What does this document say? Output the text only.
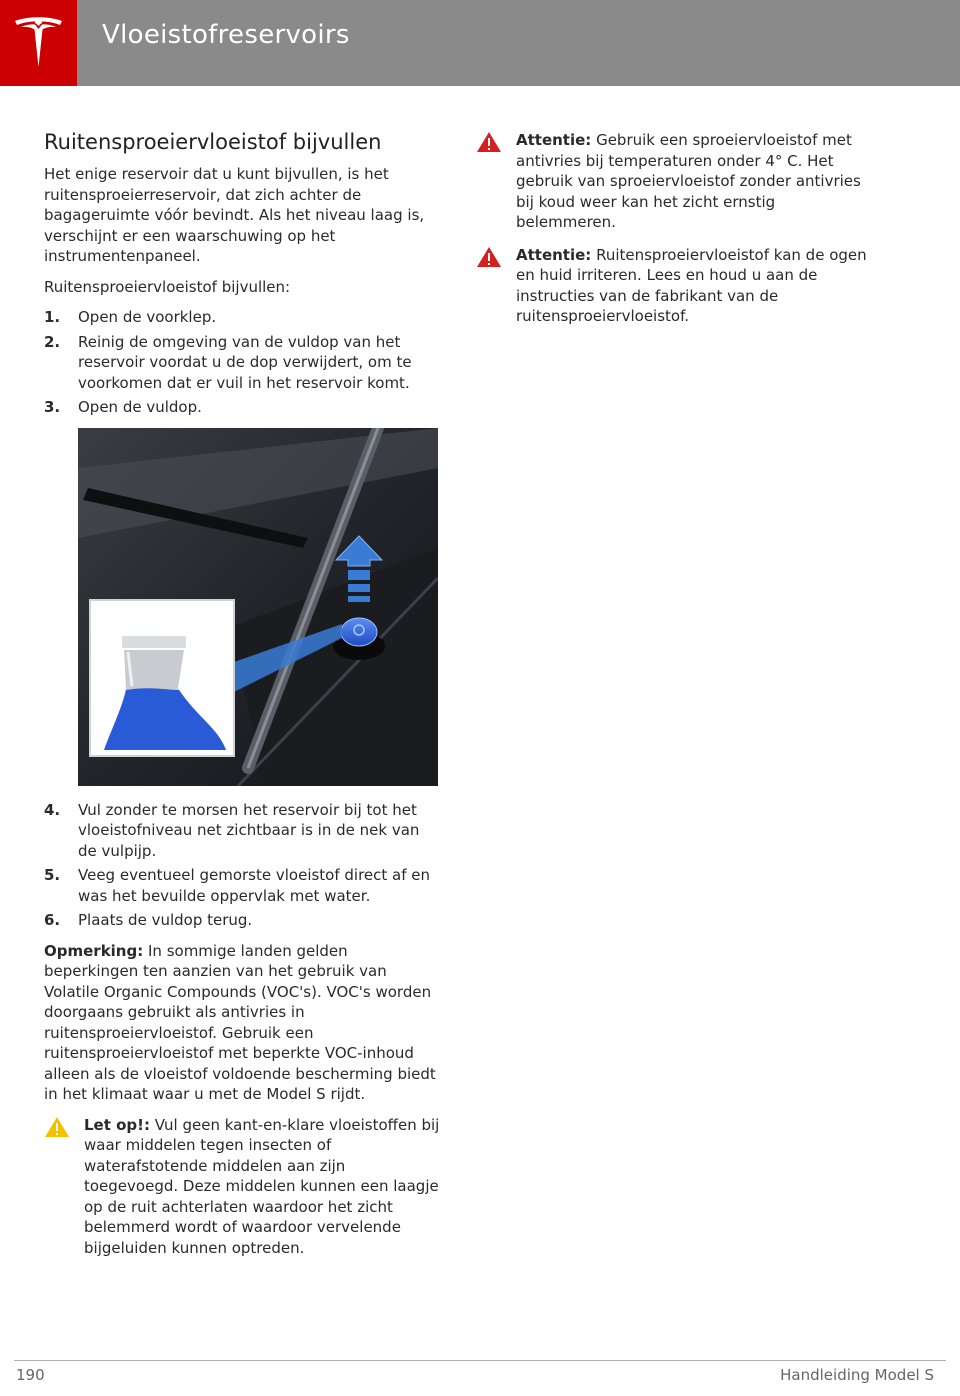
Vloeistofreservoirs
Ruitensproeiervloeistof bijvullen

Het enige reservoir dat u kunt bijvullen, is het ruitensproeierreservoir, dat zich achter de bagageruimte vóór bevindt. Als het niveau laag is, verschijnt er een waarschuwing op het instrumentenpaneel.

Ruitensproeiervloeistof bijvullen:

1. Open de voorklep.
2. Reinig de omgeving van de vuldop van het reservoir voordat u de dop verwijdert, om te voorkomen dat er vuil in het reservoir komt.
3. Open de vuldop.
4. Vul zonder te morsen het reservoir bij tot het vloeistofniveau net zichtbaar is in de nek van de vulpijp.
5. Veeg eventueel gemorste vloeistof direct af en was het bevuilde oppervlak met water.
6. Plaats de vuldop terug.

Opmerking: In sommige landen gelden beperkingen ten aanzien van het gebruik van Volatile Organic Compounds (VOC's). VOC's worden doorgaans gebruikt als antivries in ruitensproeiervloeistof. Gebruik een ruitensproeiervloeistof met beperkte VOC-inhoud alleen als de vloeistof voldoende bescherming biedt in het klimaat waar u met de Model S rijdt.

Let op!: Vul geen kant-en-klare vloeistoffen bij waar middelen tegen insecten of waterafstotende middelen aan zijn toegevoegd. Deze middelen kunnen een laagje op de ruit achterlaten waardoor het zicht belemmerd wordt of waardoor vervelende bijgeluiden kunnen optreden.
Attentie: Gebruik een sproeiervloeistof met antivries bij temperaturen onder 4° C. Het gebruik van sproeiervloeistof zonder antivries bij koud weer kan het zicht ernstig belemmeren.
Attentie: Ruitensproeiervloeistof kan de ogen en huid irriteren. Lees en houd u aan de instructies van de fabrikant van de ruitensproeiervloeistof.
190	Handleiding Model S
